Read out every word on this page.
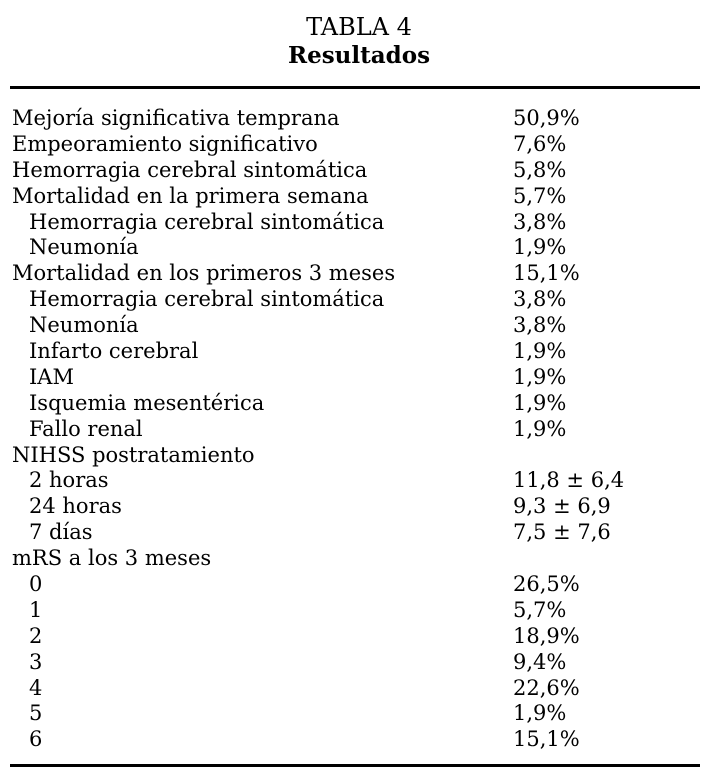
TABLA 4
Resultados
Mejoría significativa temprana	50,9%
Empeoramiento significativo	7,6%
Hemorragia cerebral sintomática	5,8%
Mortalidad en la primera semana	5,7%
Hemorragia cerebral sintomática	3,8%
Neumonía	1,9%
Mortalidad en los primeros 3 meses	15,1%
Hemorragia cerebral sintomática	3,8%
Neumonía	3,8%
Infarto cerebral	1,9%
IAM	1,9%
Isquemia mesentérica	1,9%
Fallo renal	1,9%
NIHSS postratamiento
2 horas	11,8 ± 6,4
24 horas	9,3 ± 6,9
7 días	7,5 ± 7,6
mRS a los 3 meses
0	26,5%
1	5,7%
2	18,9%
3	9,4%
4	22,6%
5	1,9%
6	15,1%
